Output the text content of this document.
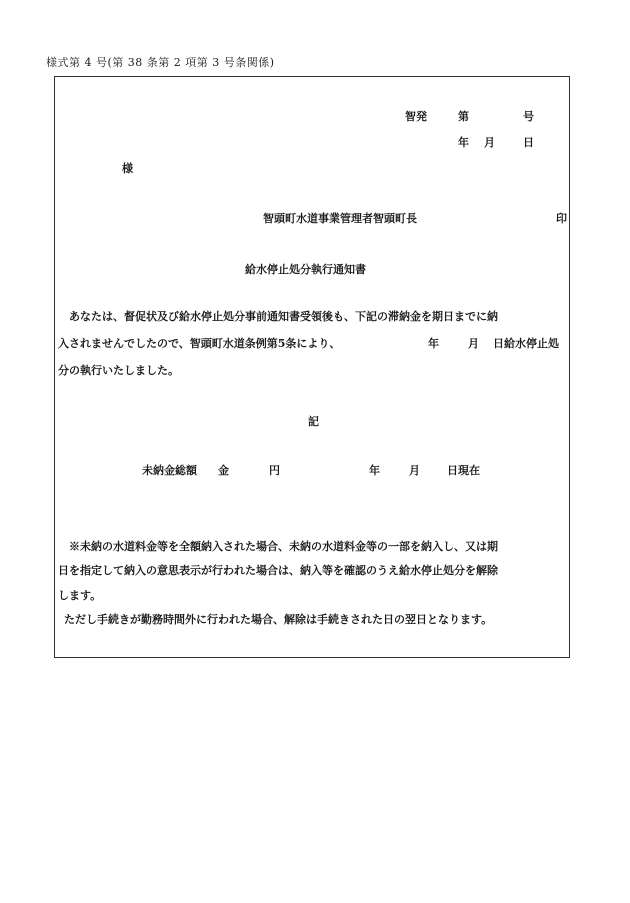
様式第 4 号(第 38 条第 2 項第 3 号条関係)
智発	第	号
年 月	日
様
智頭町水道事業管理者智頭町長	印
給水停止処分執行通知書
あなたは、督促状及び給水停止処分事前通知書受領後も、下記の滞納金を期日までに納
入されませんでしたので、智頭町水道条例第5条により、	年	月 日給水停止処
分の執行いたしました。
記
未納金総額 金	円	年	月 日現在
※未納の水道料金等を全額納入された場合、未納の水道料金等の一部を納入し、又は期
日を指定して納入の意思表示が行われた場合は、納入等を確認のうえ給水停止処分を解除
します。
ただし手続きが勤務時間外に行われた場合、解除は手続きされた日の翌日となります。
